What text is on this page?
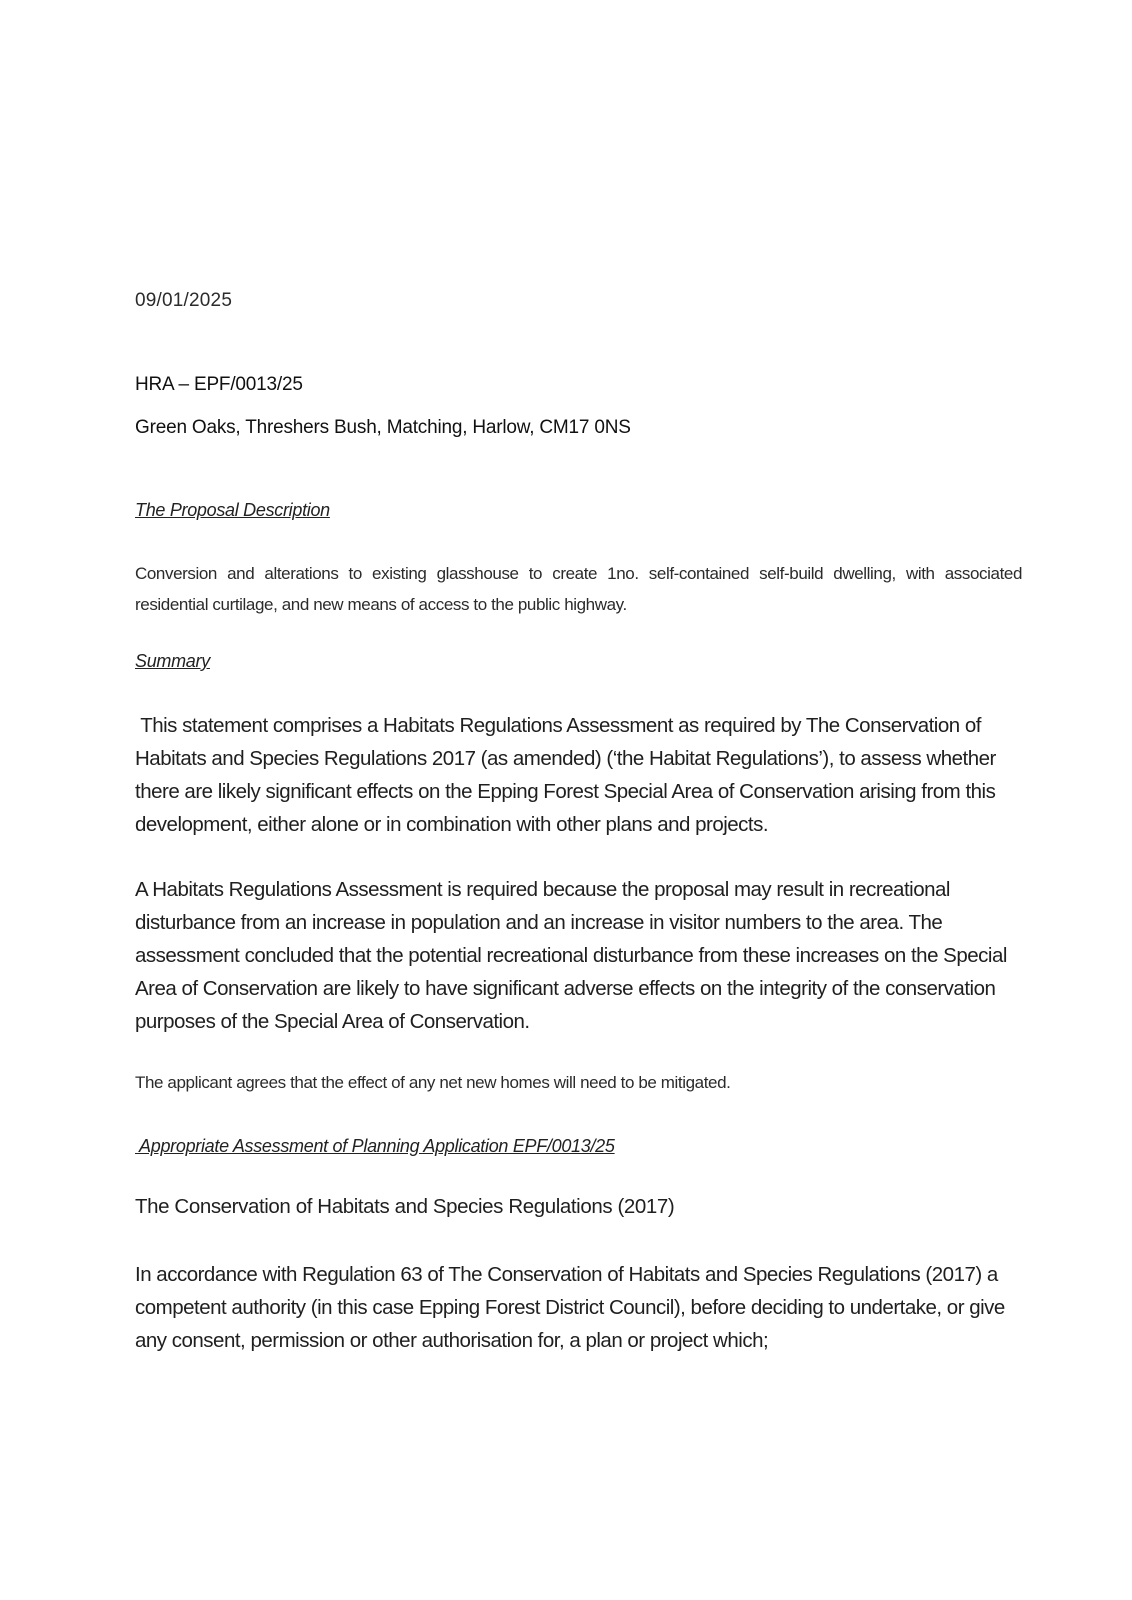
09/01/2025
HRA – EPF/0013/25
Green Oaks, Threshers Bush, Matching, Harlow, CM17 0NS
The Proposal Description
Conversion and alterations to existing glasshouse to create 1no. self-contained self-build dwelling, with associated residential curtilage, and new means of access to the public highway.
Summary
This statement comprises a Habitats Regulations Assessment as required by The Conservation of Habitats and Species Regulations 2017 (as amended) (‘the Habitat Regulations’), to assess whether there are likely significant effects on the Epping Forest Special Area of Conservation arising from this development, either alone or in combination with other plans and projects.
A Habitats Regulations Assessment is required because the proposal may result in recreational disturbance from an increase in population and an increase in visitor numbers to the area. The assessment concluded that the potential recreational disturbance from these increases on the Special Area of Conservation are likely to have significant adverse effects on the integrity of the conservation purposes of the Special Area of Conservation.
The applicant agrees that the effect of any net new homes will need to be mitigated.
Appropriate Assessment of Planning Application EPF/0013/25
The Conservation of Habitats and Species Regulations (2017)
In accordance with Regulation 63 of The Conservation of Habitats and Species Regulations (2017) a competent authority (in this case Epping Forest District Council), before deciding to undertake, or give any consent, permission or other authorisation for, a plan or project which;
